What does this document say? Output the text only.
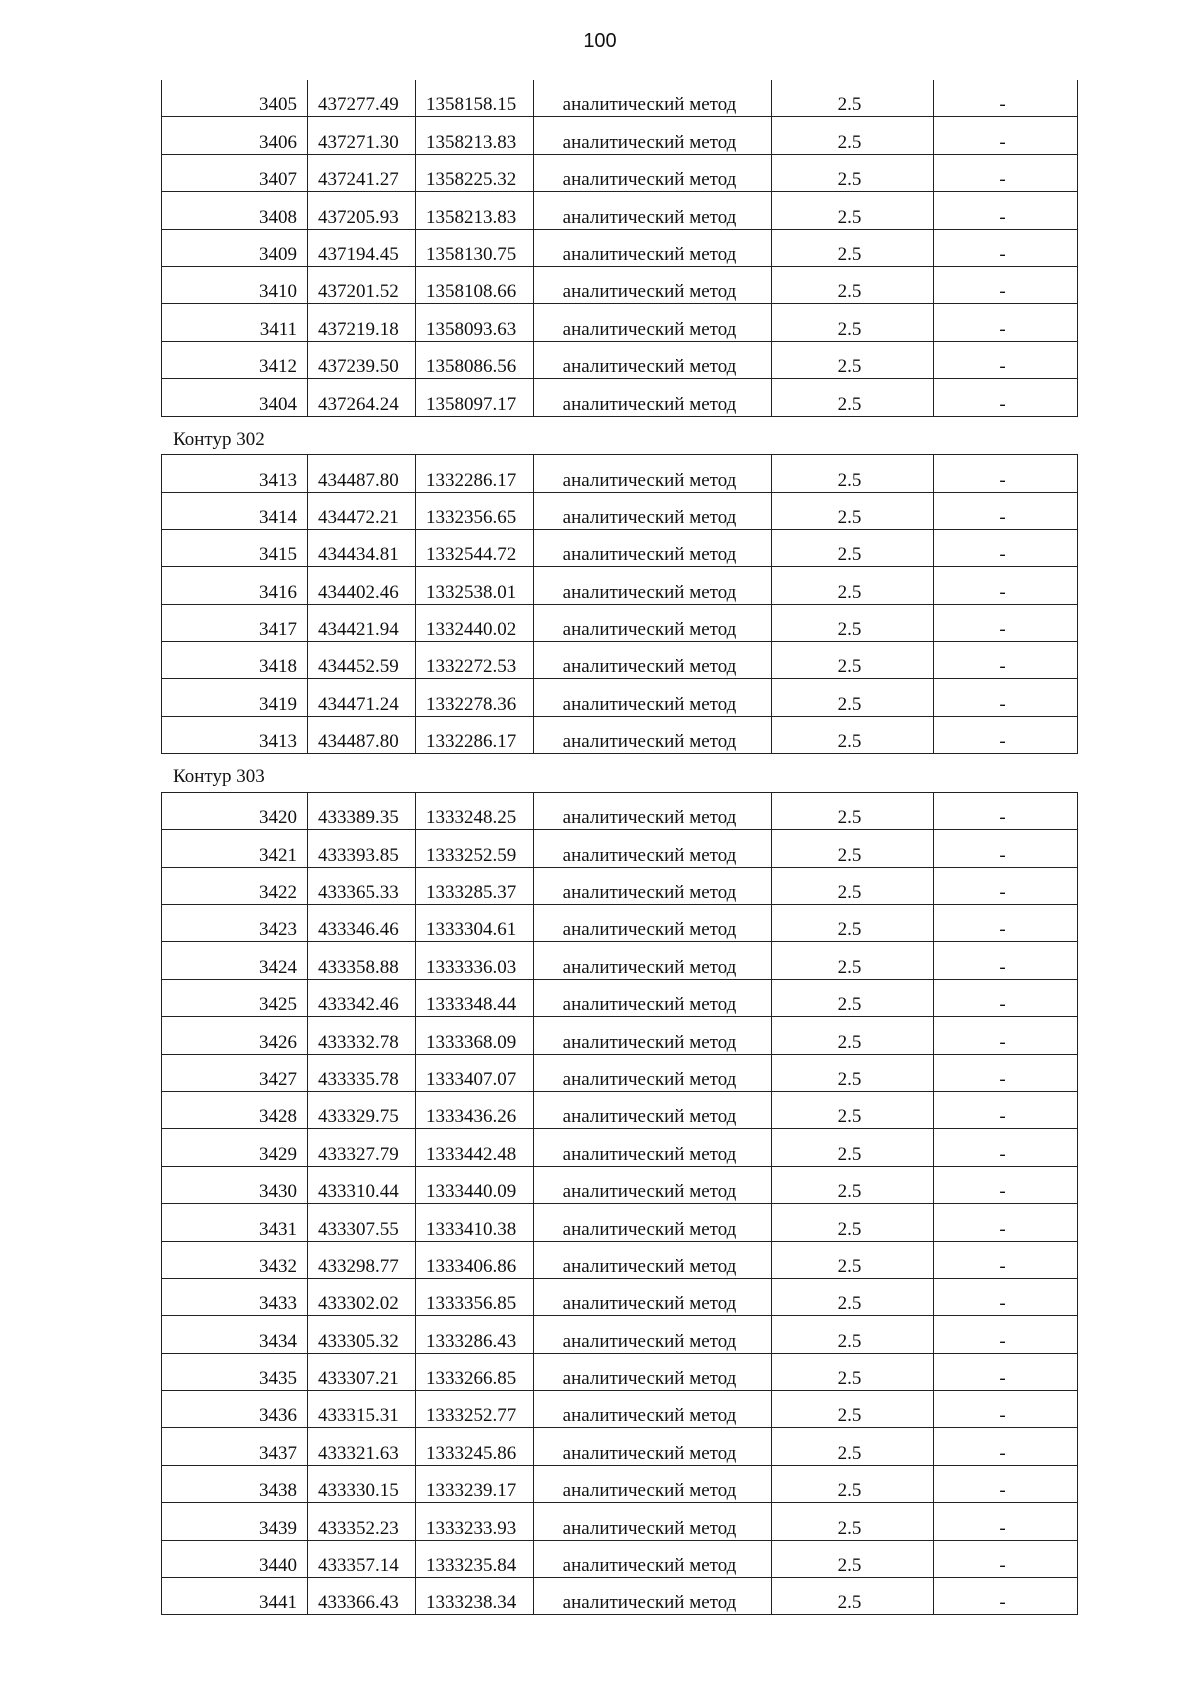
100
3405	437277.49	1358158.15	аналитический метод	2.5	-
3406	437271.30	1358213.83	аналитический метод	2.5	-
3407	437241.27	1358225.32	аналитический метод	2.5	-
3408	437205.93	1358213.83	аналитический метод	2.5	-
3409	437194.45	1358130.75	аналитический метод	2.5	-
3410	437201.52	1358108.66	аналитический метод	2.5	-
3411	437219.18	1358093.63	аналитический метод	2.5	-
3412	437239.50	1358086.56	аналитический метод	2.5	-
3404	437264.24	1358097.17	аналитический метод	2.5	-
Контур 302
3413	434487.80	1332286.17	аналитический метод	2.5	-
3414	434472.21	1332356.65	аналитический метод	2.5	-
3415	434434.81	1332544.72	аналитический метод	2.5	-
3416	434402.46	1332538.01	аналитический метод	2.5	-
3417	434421.94	1332440.02	аналитический метод	2.5	-
3418	434452.59	1332272.53	аналитический метод	2.5	-
3419	434471.24	1332278.36	аналитический метод	2.5	-
3413	434487.80	1332286.17	аналитический метод	2.5	-
Контур 303
3420	433389.35	1333248.25	аналитический метод	2.5	-
3421	433393.85	1333252.59	аналитический метод	2.5	-
3422	433365.33	1333285.37	аналитический метод	2.5	-
3423	433346.46	1333304.61	аналитический метод	2.5	-
3424	433358.88	1333336.03	аналитический метод	2.5	-
3425	433342.46	1333348.44	аналитический метод	2.5	-
3426	433332.78	1333368.09	аналитический метод	2.5	-
3427	433335.78	1333407.07	аналитический метод	2.5	-
3428	433329.75	1333436.26	аналитический метод	2.5	-
3429	433327.79	1333442.48	аналитический метод	2.5	-
3430	433310.44	1333440.09	аналитический метод	2.5	-
3431	433307.55	1333410.38	аналитический метод	2.5	-
3432	433298.77	1333406.86	аналитический метод	2.5	-
3433	433302.02	1333356.85	аналитический метод	2.5	-
3434	433305.32	1333286.43	аналитический метод	2.5	-
3435	433307.21	1333266.85	аналитический метод	2.5	-
3436	433315.31	1333252.77	аналитический метод	2.5	-
3437	433321.63	1333245.86	аналитический метод	2.5	-
3438	433330.15	1333239.17	аналитический метод	2.5	-
3439	433352.23	1333233.93	аналитический метод	2.5	-
3440	433357.14	1333235.84	аналитический метод	2.5	-
3441	433366.43	1333238.34	аналитический метод	2.5	-
